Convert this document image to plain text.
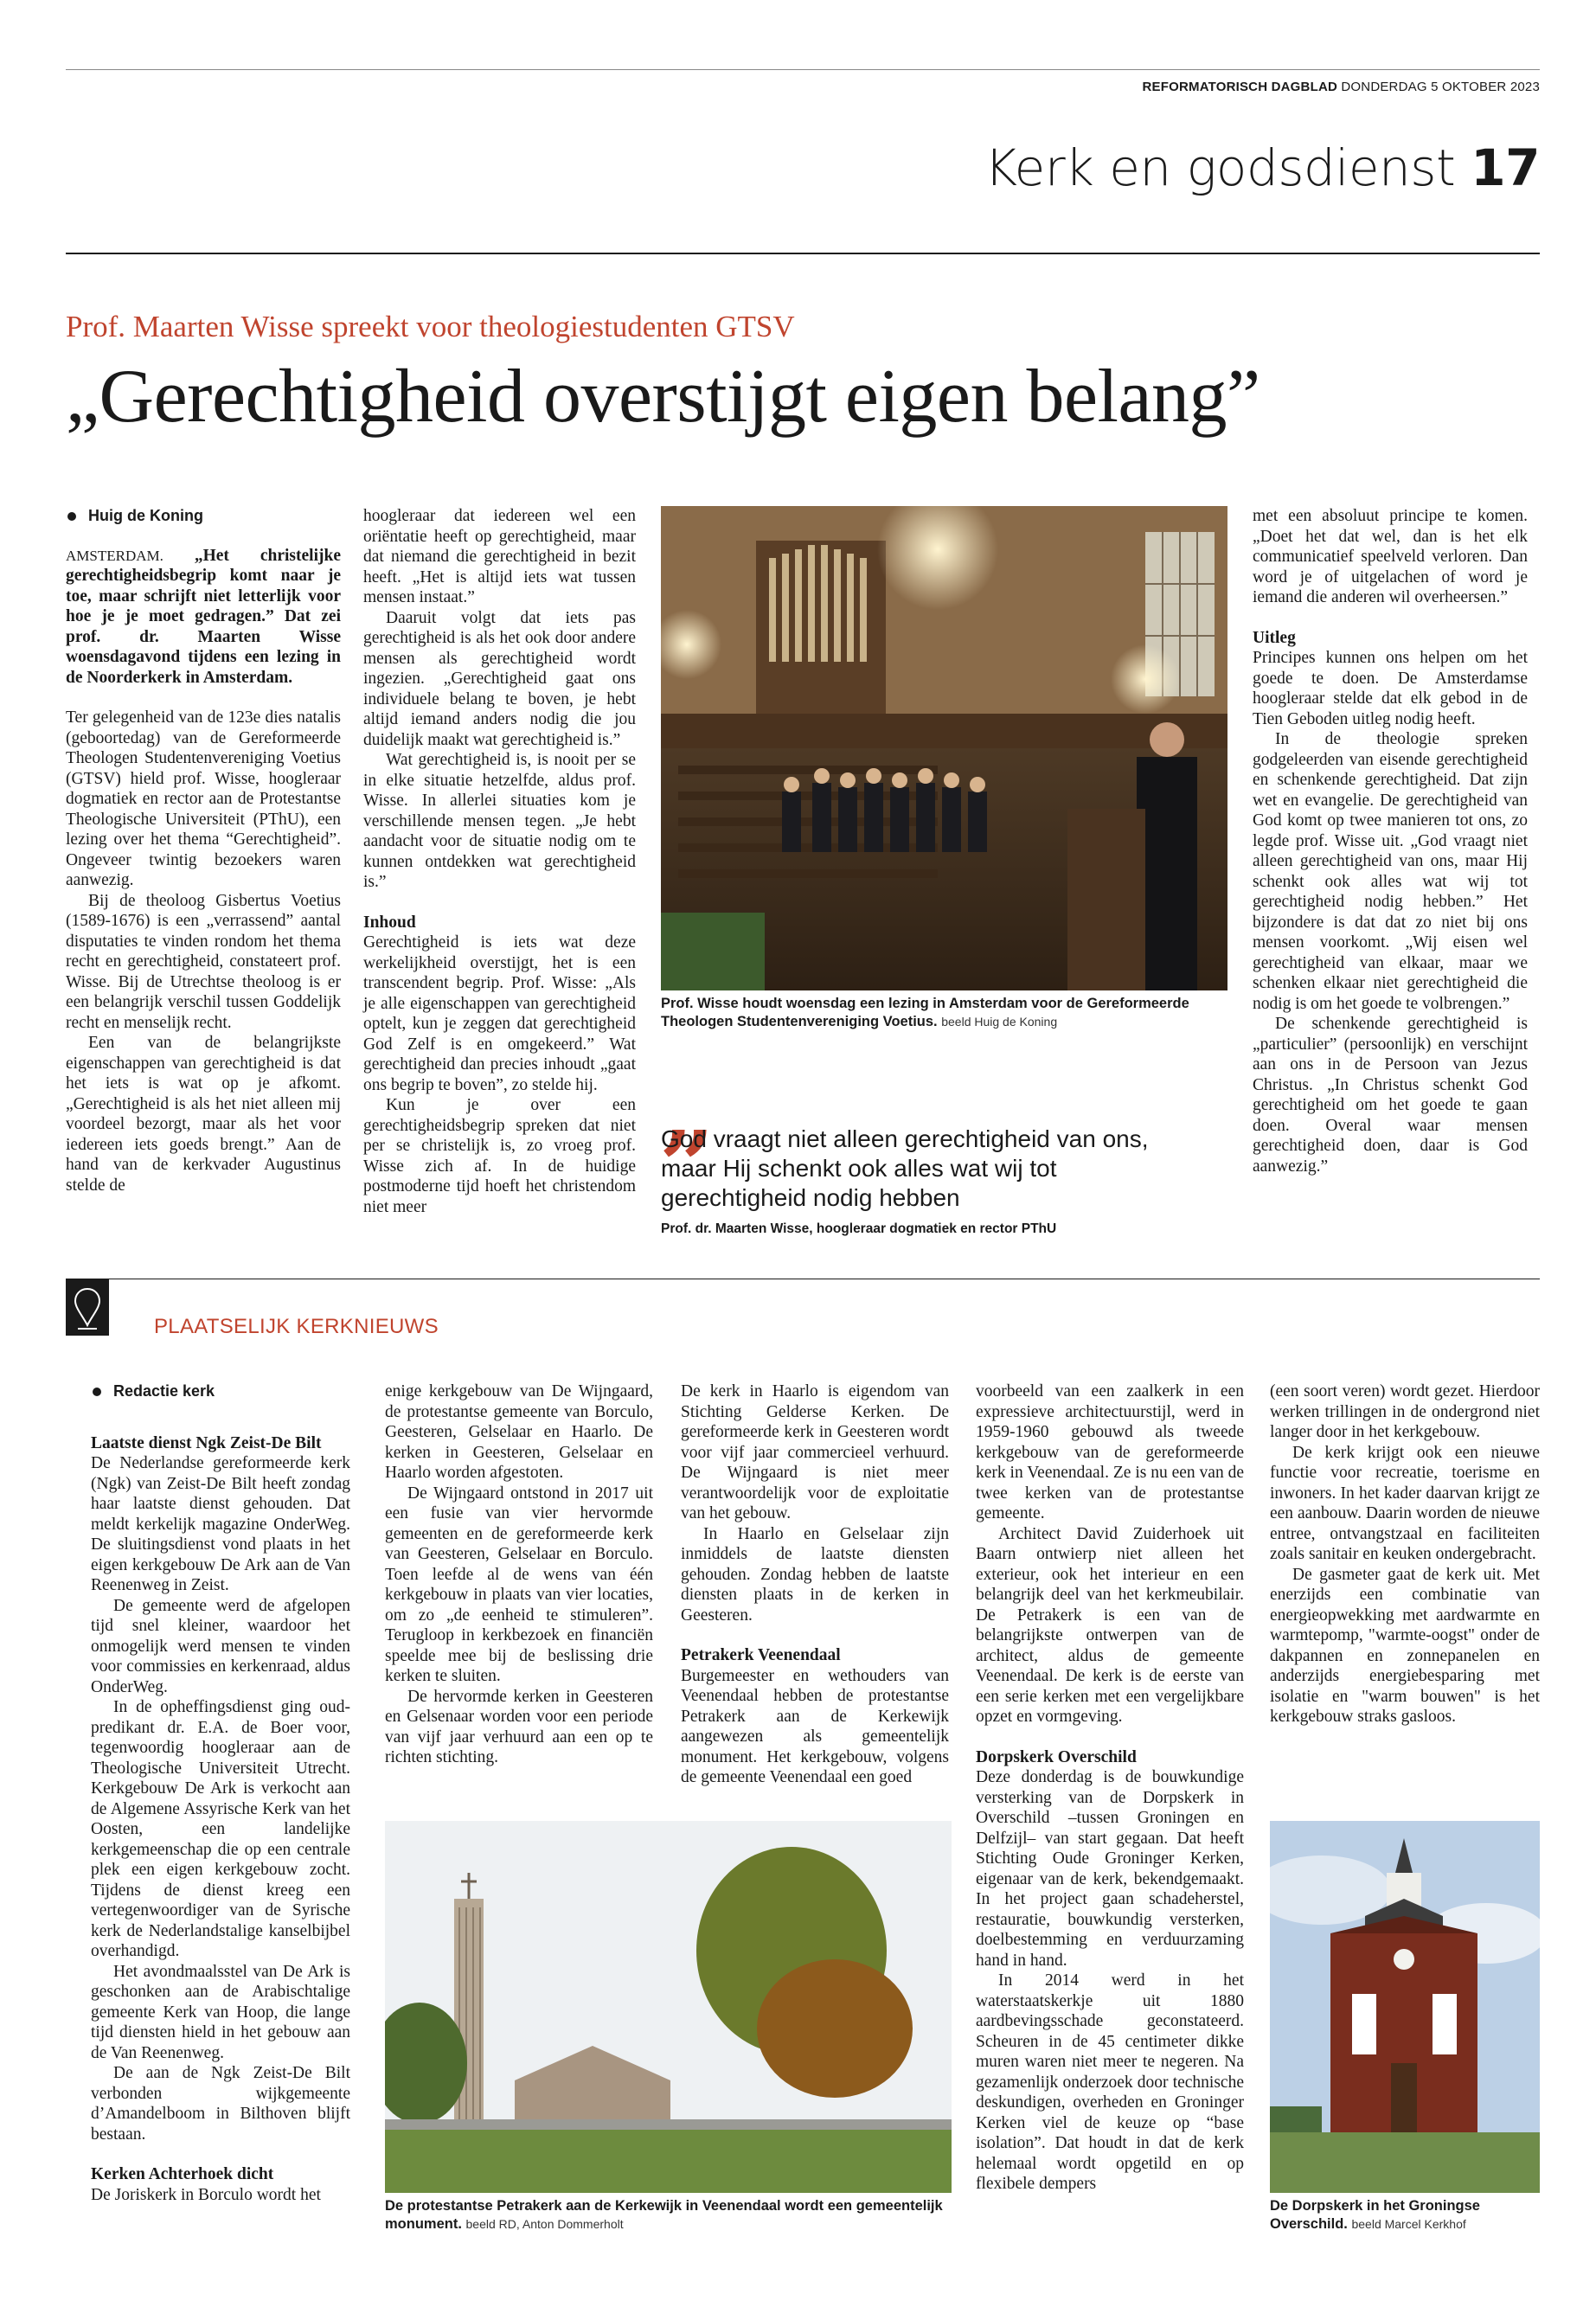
REFORMATORISCH DAGBLAD DONDERDAG 5 OKTOBER 2023
Kerk en godsdienst 17
Prof. Maarten Wisse spreekt voor theologiestudenten GTSV
„Gerechtigheid overstijgt eigen belang”
Huig de Koning

AMSTERDAM. „Het christelijke gerechtigheidsbegrip komt naar je toe, maar schrijft niet letterlijk voor hoe je je moet gedragen.” Dat zei prof. dr. Maarten Wisse woensdagavond tijdens een lezing in de Noorderkerk in Amsterdam.

Ter gelegenheid van de 123e dies natalis (geboortedag) van de Gereformeerde Theologen Studentenvereniging Voetius (GTSV) hield prof. Wisse, hoogleraar dogmatiek en rector aan de Protestantse Theologische Universiteit (PThU), een lezing over het thema “Gerechtigheid”. Ongeveer twintig bezoekers waren aanwezig.

Bij de theoloog Gisbertus Voetius (1589-1676) is een „verrassend” aantal disputaties te vinden rondom het thema recht en gerechtigheid, constateert prof. Wisse. Bij de Utrechtse theoloog is er een belangrijk verschil tussen Goddelijk recht en menselijk recht.

Een van de belangrijkste eigenschappen van gerechtigheid is dat het iets is wat op je afkomt. „Gerechtigheid is als het niet alleen mij voordeel bezorgt, maar als het voor iedereen iets goeds brengt.” Aan de hand van de kerkvader Augustinus stelde de

hoogleraar dat iedereen wel een oriëntatie heeft op gerechtigheid, maar dat niemand die gerechtigheid in bezit heeft. „Het is altijd iets wat tussen mensen instaat.”

Daaruit volgt dat iets pas gerechtigheid is als het ook door andere mensen als gerechtigheid wordt ingezien. „Gerechtigheid gaat ons individuele belang te boven, je hebt altijd iemand anders nodig die jou duidelijk maakt wat gerechtigheid is.”

Wat gerechtigheid is, is nooit per se in elke situatie hetzelfde, aldus prof. Wisse. In allerlei situaties kom je verschillende mensen tegen. „Je hebt aandacht voor de situatie nodig om te kunnen ontdekken wat gerechtigheid is.”

Inhoud

Gerechtigheid is iets wat deze werkelijkheid overstijgt, het is een transcendent begrip. Prof. Wisse: „Als je alle eigenschappen van gerechtigheid optelt, kun je zeggen dat gerechtigheid God Zelf is en omgekeerd.” Wat gerechtigheid dan precies inhoudt „gaat ons begrip te boven”, zo stelde hij.

Kun je over een gerechtigheidsbegrip spreken dat niet per se christelijk is, zo vroeg prof. Wisse zich af. In de huidige postmoderne tijd hoeft het christendom niet meer

Prof. Wisse houdt woensdag een lezing in Amsterdam voor de Gereformeerde Theologen Studentenvereniging Voetius. beeld Huig de Koning
„
God vraagt niet alleen gerechtigheid van ons, maar Hij schenkt ook alles wat wij tot gerechtigheid nodig hebben
Prof. dr. Maarten Wisse, hoogleraar dogmatiek en rector PThU

met een absoluut principe te komen. „Doet het dat wel, dan is het elk communicatief speelveld verloren. Dan word je of uitgelachen of word je iemand die anderen wil overheersen.”

Uitleg

Principes kunnen ons helpen om het goede te doen. De Amsterdamse hoogleraar stelde dat elk gebod in de Tien Geboden uitleg nodig heeft.

In de theologie spreken godgeleerden van eisende gerechtigheid en schenkende gerechtigheid. Dat zijn wet en evangelie. De gerechtigheid van God komt op twee manieren tot ons, zo legde prof. Wisse uit. „God vraagt niet alleen gerechtigheid van ons, maar Hij schenkt ook alles wat wij tot gerechtigheid nodig hebben.” Het bijzondere is dat dat zo niet bij ons mensen voorkomt. „Wij eisen wel gerechtigheid van elkaar, maar we schenken elkaar niet gerechtigheid die nodig is om het goede te volbrengen.”

De schenkende gerechtigheid is „particulier” (persoonlijk) en verschijnt aan ons in de Persoon van Jezus Christus. „In Christus schenkt God gerechtigheid om het goede te gaan doen. Overal waar mensen gerechtigheid doen, daar is God aanwezig.”

PLAATSELIJK KERKNIEUWS
Redactie kerk

Laatste dienst Ngk Zeist-De Bilt

De Nederlandse gereformeerde kerk (Ngk) van Zeist-De Bilt heeft zondag haar laatste dienst gehouden. Dat meldt kerkelijk magazine OnderWeg. De sluitingsdienst vond plaats in het eigen kerkgebouw De Ark aan de Van Reenenweg in Zeist.

De gemeente werd de afgelopen tijd snel kleiner, waardoor het onmogelijk werd mensen te vinden voor commissies en kerkenraad, aldus OnderWeg.

In de opheffingsdienst ging oud-predikant dr. E.A. de Boer voor, tegenwoordig hoogleraar aan de Theologische Universiteit Utrecht. Kerkgebouw De Ark is verkocht aan de Algemene Assyrische Kerk van het Oosten, een landelijke kerkgemeenschap die op een centrale plek een eigen kerkgebouw zocht. Tijdens de dienst kreeg een vertegenwoordiger van de Syrische kerk de Nederlandstalige kanselbijbel overhandigd.

Het avondmaalsstel van De Ark is geschonken aan de Arabischtalige gemeente Kerk van Hoop, die lange tijd diensten hield in het gebouw aan de Van Reenenweg.

De aan de Ngk Zeist-De Bilt verbonden wijkgemeente d’Amandelboom in Bilthoven blijft bestaan.

Kerken Achterhoek dicht

De Joriskerk in Borculo wordt het

enige kerkgebouw van De Wijngaard, de protestantse gemeente van Borculo, Geesteren, Gelselaar en Haarlo. De kerken in Geesteren, Gelselaar en Haarlo worden afgestoten.

De Wijngaard ontstond in 2017 uit een fusie van vier hervormde gemeenten en de gereformeerde kerk van Geesteren, Gelselaar en Borculo. Toen leefde al de wens van één kerkgebouw in plaats van vier locaties, om zo „de eenheid te stimuleren”. Terugloop in kerkbezoek en financiën speelde mee bij de beslissing drie kerken te sluiten.

De hervormde kerken in Geesteren en Gelsenaar worden voor een periode van vijf jaar verhuurd aan een op te richten stichting.

De kerk in Haarlo is eigendom van Stichting Gelderse Kerken. De gereformeerde kerk in Geesteren wordt voor vijf jaar commercieel verhuurd. De Wijngaard is niet meer verantwoordelijk voor de exploitatie van het gebouw.

In Haarlo en Gelselaar zijn inmiddels de laatste diensten gehouden. Zondag hebben de laatste diensten plaats in de kerken in Geesteren.

Petrakerk Veenendaal

Burgemeester en wethouders van Veenendaal hebben de protestantse Petrakerk aan de Kerkewijk aangewezen als gemeentelijk monument. Het kerkgebouw, volgens de gemeente Veenendaal een goed

De protestantse Petrakerk aan de Kerkewijk in Veenendaal wordt een gemeentelijk monument. beeld RD, Anton Dommerholt

voorbeeld van een zaalkerk in een expressieve architectuurstijl, werd in 1959-1960 gebouwd als tweede kerkgebouw van de gereformeerde kerk in Veenendaal. Ze is nu een van de twee kerken van de protestantse gemeente.

Architect David Zuiderhoek uit Baarn ontwierp niet alleen het exterieur, ook het interieur en een belangrijk deel van het kerkmeubilair. De Petrakerk is een van de belangrijkste ontwerpen van de architect, aldus de gemeente Veenendaal. De kerk is de eerste van een serie kerken met een vergelijkbare opzet en vormgeving.

Dorpskerk Overschild

Deze donderdag is de bouwkundige versterking van de Dorpskerk in Overschild –tussen Groningen en Delfzijl– van start gegaan. Dat heeft Stichting Oude Groninger Kerken, eigenaar van de kerk, bekendgemaakt. In het project gaan schadeherstel, restauratie, bouwkundig versterken, doelbestemming en verduurzaming hand in hand.

In 2014 werd in het waterstaatskerkje uit 1880 aardbevingsschade geconstateerd. Scheuren in de 45 centimeter dikke muren waren niet meer te negeren. Na gezamenlijk onderzoek door technische deskundigen, overheden en Groninger Kerken viel de keuze op “base isolation”. Dat houdt in dat de kerk helemaal wordt opgetild en op flexibele dempers

(een soort veren) wordt gezet. Hierdoor werken trillingen in de ondergrond niet langer door in het kerkgebouw.

De kerk krijgt ook een nieuwe functie voor recreatie, toerisme en inwoners. In het kader daarvan krijgt ze een aanbouw. Daarin worden de nieuwe entree, ontvangstzaal en faciliteiten zoals sanitair en keuken ondergebracht.

De gasmeter gaat de kerk uit. Met enerzijds een combinatie van energieopwekking met aardwarmte en warmtepomp, "warmte-oogst" onder de dakpannen en zonnepanelen en anderzijds energiebesparing met isolatie en "warm bouwen" is het kerkgebouw straks gasloos.

De Dorpskerk in het Groningse Overschild. beeld Marcel Kerkhof
